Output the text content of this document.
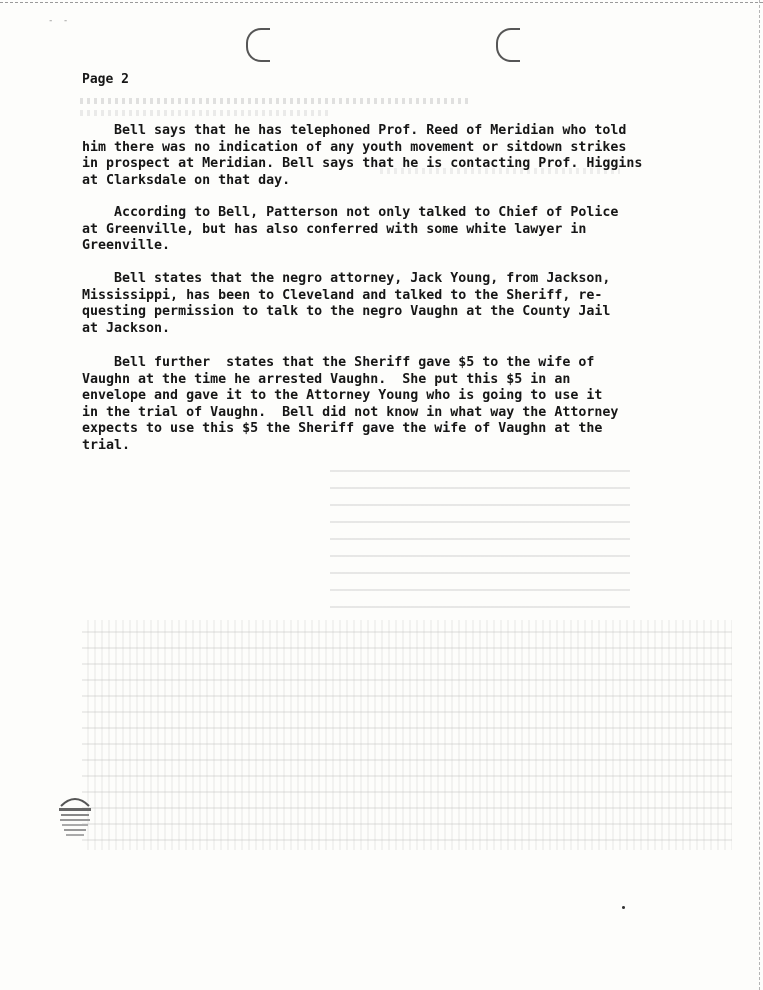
- -
Page 2
Bell says that he has telephoned Prof. Reed of Meridian who told
him there was no indication of any youth movement or sitdown strikes
in prospect at Meridian. Bell says that he is contacting Prof. Higgins
at Clarksdale on that day.
According to Bell, Patterson not only talked to Chief of Police
at Greenville, but has also conferred with some white lawyer in
Greenville.
Bell states that the negro attorney, Jack Young, from Jackson,
Mississippi, has been to Cleveland and talked to the Sheriff, re-
questing permission to talk to the negro Vaughn at the County Jail
at Jackson.
Bell further  states that the Sheriff gave $5 to the wife of
Vaughn at the time he arrested Vaughn.  She put this $5 in an
envelope and gave it to the Attorney Young who is going to use it
in the trial of Vaughn.  Bell did not know in what way the Attorney
expects to use this $5 the Sheriff gave the wife of Vaughn at the
trial.
